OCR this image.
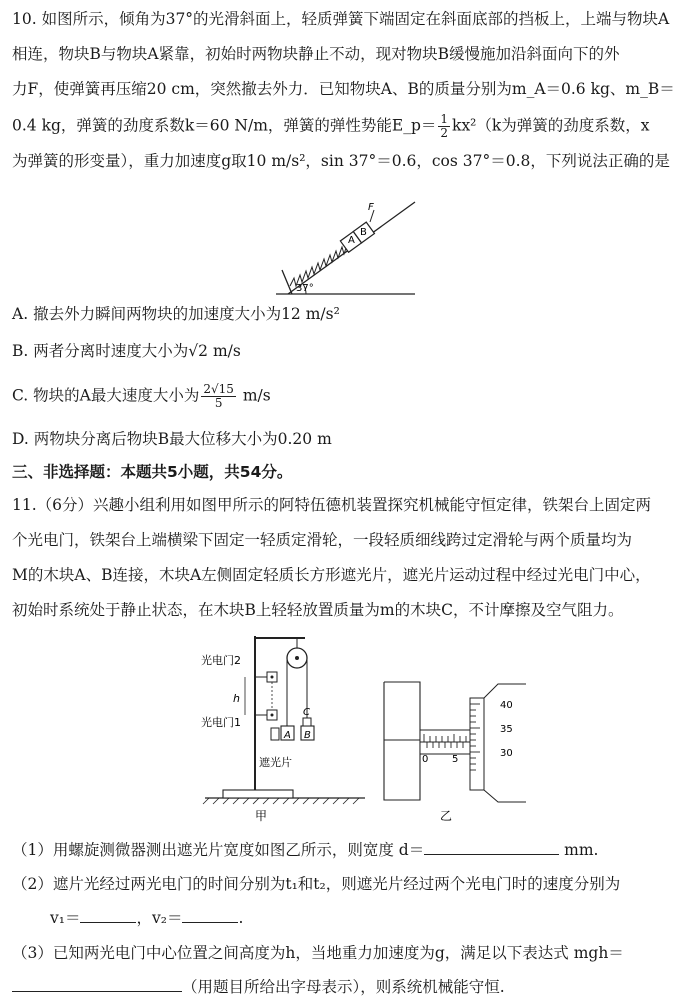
10. 如图所示，倾角为37°的光滑斜面上，轻质弹簧下端固定在斜面底部的挡板上，上端与物块A
相连，物块B与物块A紧靠，初始时两物块静止不动，现对物块B缓慢施加沿斜面向下的外
力F，使弹簧再压缩20 cm，突然撤去外力．已知物块A、B的质量分别为m_A＝0.6 kg、m_B＝
0.4 kg，弹簧的劲度系数k＝60 N/m，弹簧的弹性势能E_p＝ $\frac{1}{2} kx^2(k$为弹簧的劲度系数，x
为弹簧的形变量），重力加速度g取10 m/s²，sin 37°＝0.6，cos 37°＝0.8，下列说法正确的是
A
B
F
37°
A. 撤去外力瞬间两物块的加速度大小为12 m/s²
B. 两者分离时速度大小为√2 m/s
C. 物块的A最大速度大小为 $\frac{2√15}{5} m/s$
D. 两物块分离后物块B最大位移大小为0.20 m
三、非选择题：本题共5小题，共54分。
11.（6分）兴趣小组利用如图甲所示的阿特伍德机装置探究机械能守恒定律，铁架台上固定两
个光电门，铁架台上端横梁下固定一轻质定滑轮，一段轻质细线跨过定滑轮与两个质量均为
M的木块A、B连接，木块A左侧固定轻质长方形遮光片，遮光片运动过程中经过光电门中心，
初始时系统处于静止状态，在木块B上轻轻放置质量为m的木块C，不计摩擦及空气阻力。
A B
C
光电门2
h
光电门1
遮光片
甲
40
35
30
0 5
乙
（1）用螺旋测微器测出遮光片宽度如图乙所示，则宽度 d＝	mm.
（2）遮片光经过两光电门的时间分别为t₁和t₂，则遮光片经过两个光电门时的速度分别为
v₁＝	，v₂＝	.
（3）已知两光电门中心位置之间高度为h，当地重力加速度为g，满足以下表达式 mgh＝
（用题目所给出字母表示），则系统机械能守恒.
